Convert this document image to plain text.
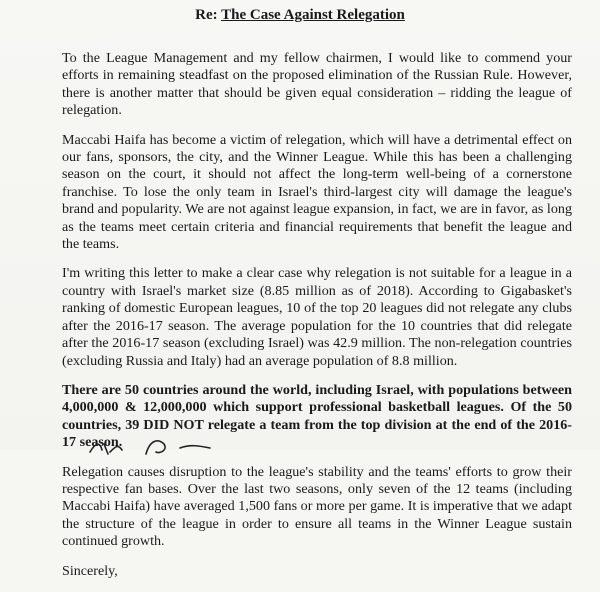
Re: The Case Against Relegation

To the League Management and my fellow chairmen, I would like to commend your efforts in remaining steadfast on the proposed elimination of the Russian Rule. However, there is another matter that should be given equal consideration – ridding the league of relegation.

Maccabi Haifa has become a victim of relegation, which will have a detrimental effect on our fans, sponsors, the city, and the Winner League. While this has been a challenging season on the court, it should not affect the long-term well-being of a cornerstone franchise. To lose the only team in Israel's third-largest city will damage the league's brand and popularity. We are not against league expansion, in fact, we are in favor, as long as the teams meet certain criteria and financial requirements that benefit the league and the teams.

I'm writing this letter to make a clear case why relegation is not suitable for a league in a country with Israel's market size (8.85 million as of 2018). According to Gigabasket's ranking of domestic European leagues, 10 of the top 20 leagues did not relegate any clubs after the 2016-17 season. The average population for the 10 countries that did relegate after the 2016-17 season (excluding Israel) was 42.9 million. The non-relegation countries (excluding Russia and Italy) had an average population of 8.8 million.

There are 50 countries around the world, including Israel, with populations between 4,000,000 & 12,000,000 which support professional basketball leagues. Of the 50 countries, 39 DID NOT relegate a team from the top division at the end of the 2016-17 season.

Relegation causes disruption to the league's stability and the teams' efforts to grow their respective fan bases. Over the last two seasons, only seven of the 12 teams (including Maccabi Haifa) have averaged 1,500 fans or more per game. It is imperative that we adapt the structure of the league in order to ensure all teams in the Winner League sustain continued growth.

Sincerely,
